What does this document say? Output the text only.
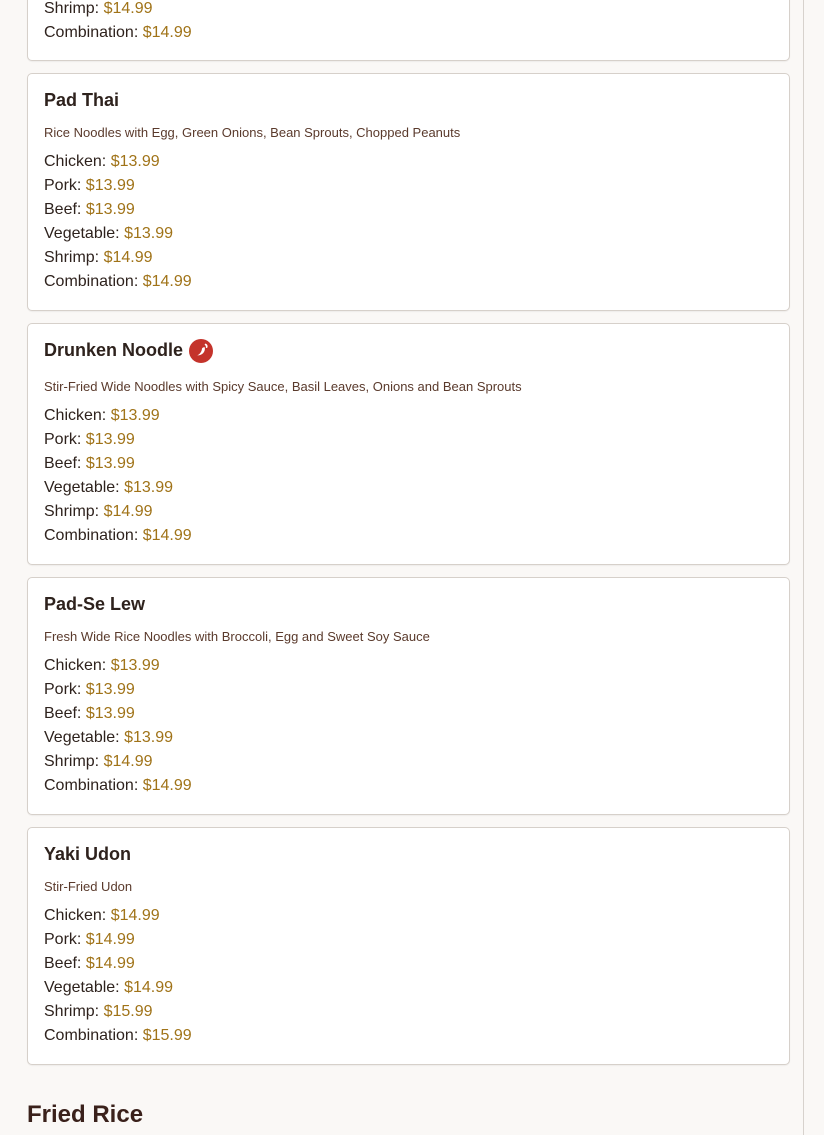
Shrimp: $14.99

Combination: $14.99

Pad Thai

Rice Noodles with Egg, Green Onions, Bean Sprouts, Chopped Peanuts

Chicken: $13.99

Pork: $13.99

Beef: $13.99

Vegetable: $13.99

Shrimp: $14.99

Combination: $14.99

Drunken Noodle

Stir-Fried Wide Noodles with Spicy Sauce, Basil Leaves, Onions and Bean Sprouts

Chicken: $13.99

Pork: $13.99

Beef: $13.99

Vegetable: $13.99

Shrimp: $14.99

Combination: $14.99

Pad-Se Lew

Fresh Wide Rice Noodles with Broccoli, Egg and Sweet Soy Sauce

Chicken: $13.99

Pork: $13.99

Beef: $13.99

Vegetable: $13.99

Shrimp: $14.99

Combination: $14.99

Yaki Udon

Stir-Fried Udon

Chicken: $14.99

Pork: $14.99

Beef: $14.99

Vegetable: $14.99

Shrimp: $15.99

Combination: $15.99

Fried Rice
